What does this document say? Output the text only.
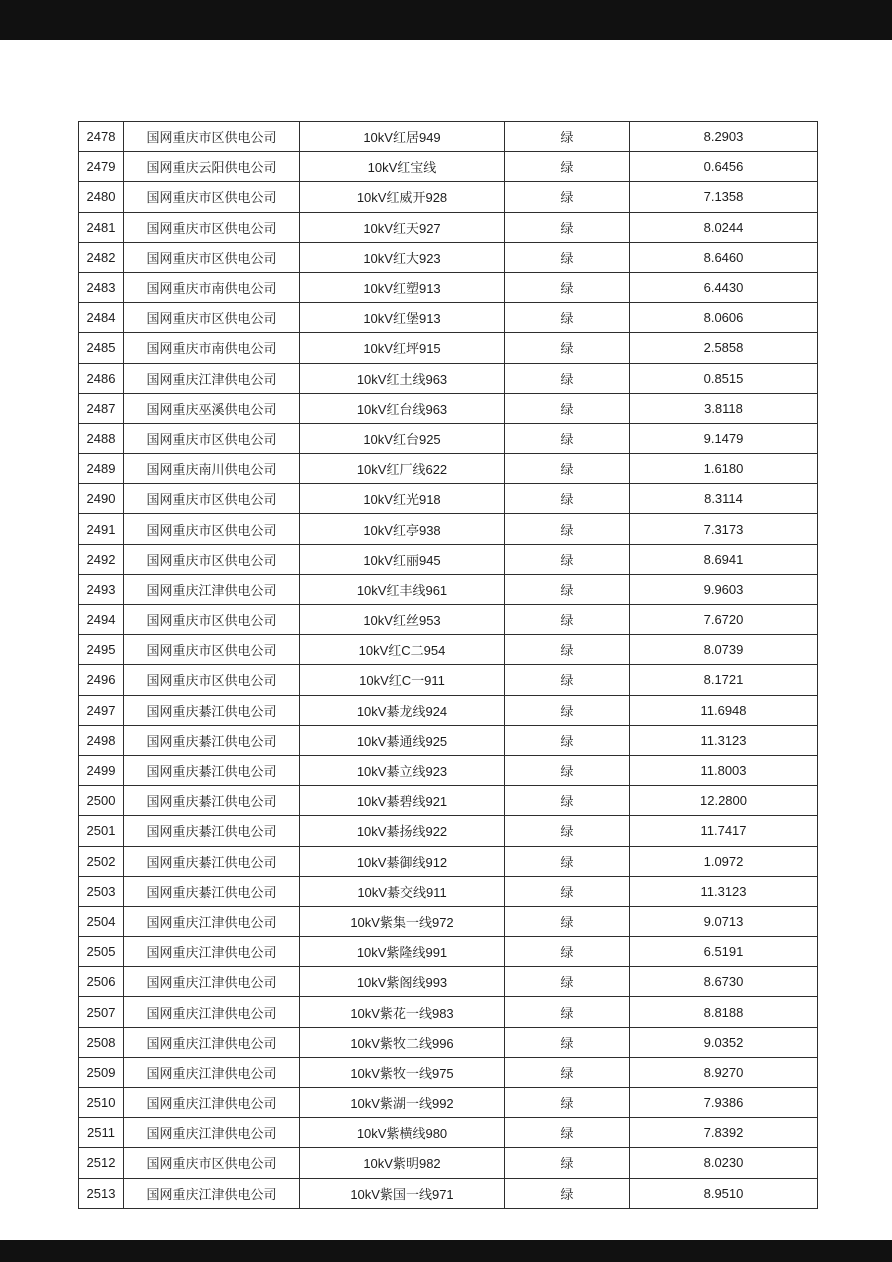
2478	国网重庆市区供电公司	10kV红居949	绿	8.2903
2479	国网重庆云阳供电公司	10kV红宝线	绿	0.6456
2480	国网重庆市区供电公司	10kV红威开928	绿	7.1358
2481	国网重庆市区供电公司	10kV红天927	绿	8.0244
2482	国网重庆市区供电公司	10kV红大923	绿	8.6460
2483	国网重庆市南供电公司	10kV红塑913	绿	6.4430
2484	国网重庆市区供电公司	10kV红堡913	绿	8.0606
2485	国网重庆市南供电公司	10kV红坪915	绿	2.5858
2486	国网重庆江津供电公司	10kV红土线963	绿	0.8515
2487	国网重庆巫溪供电公司	10kV红台线963	绿	3.8118
2488	国网重庆市区供电公司	10kV红台925	绿	9.1479
2489	国网重庆南川供电公司	10kV红厂线622	绿	1.6180
2490	国网重庆市区供电公司	10kV红光918	绿	8.3114
2491	国网重庆市区供电公司	10kV红亭938	绿	7.3173
2492	国网重庆市区供电公司	10kV红丽945	绿	8.6941
2493	国网重庆江津供电公司	10kV红丰线961	绿	9.9603
2494	国网重庆市区供电公司	10kV红丝953	绿	7.6720
2495	国网重庆市区供电公司	10kV红C二954	绿	8.0739
2496	国网重庆市区供电公司	10kV红C一911	绿	8.1721
2497	国网重庆綦江供电公司	10kV綦龙线924	绿	11.6948
2498	国网重庆綦江供电公司	10kV綦通线925	绿	11.3123
2499	国网重庆綦江供电公司	10kV綦立线923	绿	11.8003
2500	国网重庆綦江供电公司	10kV綦碧线921	绿	12.2800
2501	国网重庆綦江供电公司	10kV綦扬线922	绿	11.7417
2502	国网重庆綦江供电公司	10kV綦御线912	绿	1.0972
2503	国网重庆綦江供电公司	10kV綦交线911	绿	11.3123
2504	国网重庆江津供电公司	10kV紫集一线972	绿	9.0713
2505	国网重庆江津供电公司	10kV紫隆线991	绿	6.5191
2506	国网重庆江津供电公司	10kV紫阁线993	绿	8.6730
2507	国网重庆江津供电公司	10kV紫花一线983	绿	8.8188
2508	国网重庆江津供电公司	10kV紫牧二线996	绿	9.0352
2509	国网重庆江津供电公司	10kV紫牧一线975	绿	8.9270
2510	国网重庆江津供电公司	10kV紫湖一线992	绿	7.9386
2511	国网重庆江津供电公司	10kV紫横线980	绿	7.8392
2512	国网重庆市区供电公司	10kV紫明982	绿	8.0230
2513	国网重庆江津供电公司	10kV紫国一线971	绿	8.9510
